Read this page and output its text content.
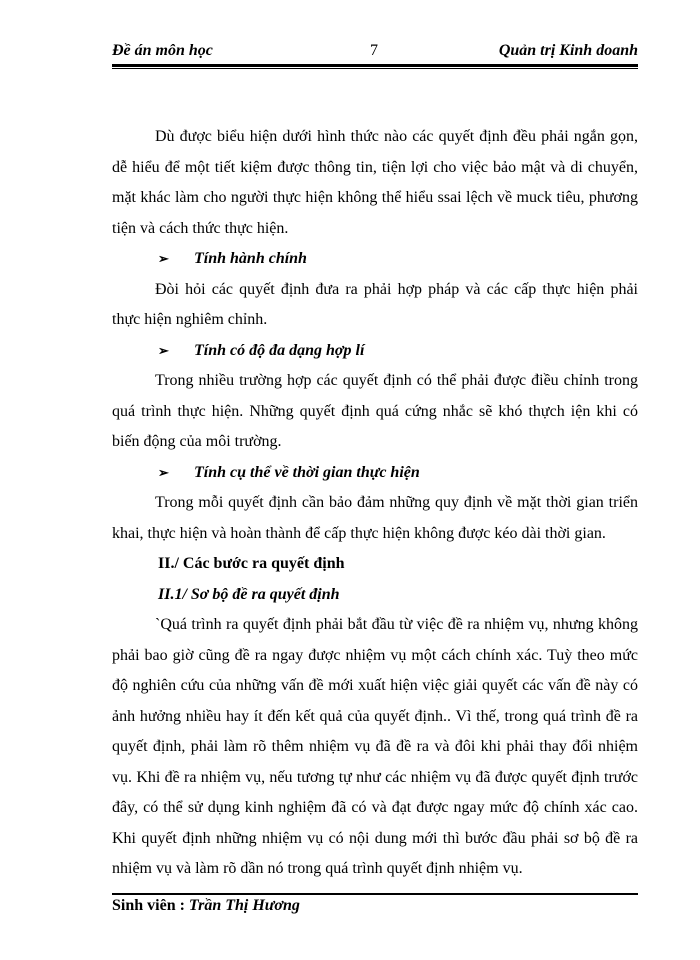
Đề án môn học	7	Quản trị Kinh doanh

Dù được biểu hiện dưới hình thức nào các quyết định đều phải ngắn gọn, dễ hiểu để một tiết kiệm được thông tin, tiện lợi cho việc bảo mật và di chuyển, mặt khác làm cho người thực hiện không thể hiểu ssai lệch về muck tiêu, phương tiện và cách thức thực hiện.

➢ Tính hành chính

Đòi hỏi các quyết định đưa ra phải hợp pháp và các cấp thực hiện phải thực hiện nghiêm chỉnh.

➢ Tính có độ đa dạng hợp lí

Trong nhiều trường hợp các quyết định có thể phải được điều chỉnh trong quá trình thực hiện. Những quyết định quá cứng nhắc sẽ khó thựch iện khi có biến động của môi trường.

➢ Tính cụ thể về thời gian thực hiện

Trong mỗi quyết định cần bảo đảm những quy định về mặt thời gian triển khai, thực hiện và hoàn thành để cấp thực hiện không được kéo dài thời gian.

II./ Các bước ra quyết định

II.1/ Sơ bộ đề ra quyết định

`Quá trình ra quyết định phải bắt đầu từ việc đề ra nhiệm vụ, nhưng không phải bao giờ cũng đề ra ngay được nhiệm vụ một cách chính xác. Tuỳ theo mức độ nghiên cứu của những vấn đề mới xuất hiện việc giải quyết các vấn đề này có ảnh hưởng nhiều hay ít đến kết quả của quyết định.. Vì thế, trong quá trình đề ra quyết định, phải làm rõ thêm nhiệm vụ đã đề ra và đôi khi phải thay đổi nhiệm vụ. Khi đề ra nhiệm vụ, nếu tương tự như các nhiệm vụ đã được quyết định trước đây, có thể sử dụng kinh nghiệm đã có và đạt được ngay mức độ chính xác cao. Khi quyết định những nhiệm vụ có nội dung mới thì bước đầu phải sơ bộ đề ra nhiệm vụ và làm rõ dần nó trong quá trình quyết định nhiệm vụ.

Sinh viên : Trần Thị Hương
